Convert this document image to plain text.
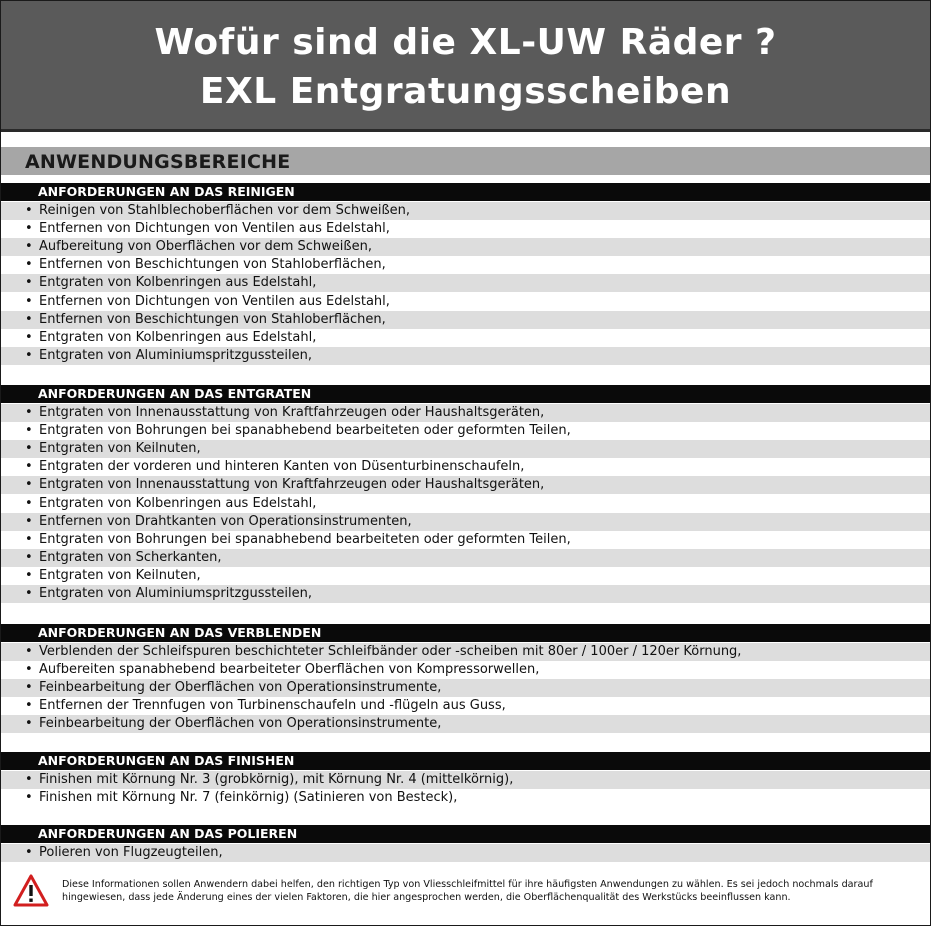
Wofür sind die XL-UW Räder ?
EXL Entgratungsscheiben
ANWENDUNGSBEREICHE
ANFORDERUNGEN AN DAS REINIGEN
• Reinigen von Stahlblechoberflächen vor dem Schweißen,
• Entfernen von Dichtungen von Ventilen aus Edelstahl,
• Aufbereitung von Oberflächen vor dem Schweißen,
• Entfernen von Beschichtungen von Stahloberflächen,
• Entgraten von Kolbenringen aus Edelstahl,
• Entfernen von Dichtungen von Ventilen aus Edelstahl,
• Entfernen von Beschichtungen von Stahloberflächen,
• Entgraten von Kolbenringen aus Edelstahl,
• Entgraten von Aluminiumspritzgussteilen,
ANFORDERUNGEN AN DAS ENTGRATEN
• Entgraten von Innenausstattung von Kraftfahrzeugen oder Haushaltsgeräten,
• Entgraten von Bohrungen bei spanabhebend bearbeiteten oder geformten Teilen,
• Entgraten von Keilnuten,
• Entgraten der vorderen und hinteren Kanten von Düsenturbinenschaufeln,
• Entgraten von Innenausstattung von Kraftfahrzeugen oder Haushaltsgeräten,
• Entgraten von Kolbenringen aus Edelstahl,
• Entfernen von Drahtkanten von Operationsinstrumenten,
• Entgraten von Bohrungen bei spanabhebend bearbeiteten oder geformten Teilen,
• Entgraten von Scherkanten,
• Entgraten von Keilnuten,
• Entgraten von Aluminiumspritzgussteilen,
ANFORDERUNGEN AN DAS VERBLENDEN
• Verblenden der Schleifspuren beschichteter Schleifbänder oder -scheiben mit 80er / 100er / 120er Körnung,
• Aufbereiten spanabhebend bearbeiteter Oberflächen von Kompressorwellen,
• Feinbearbeitung der Oberflächen von Operationsinstrumente,
• Entfernen der Trennfugen von Turbinenschaufeln und -flügeln aus Guss,
• Feinbearbeitung der Oberflächen von Operationsinstrumente,
ANFORDERUNGEN AN DAS FINISHEN
• Finishen mit Körnung Nr. 3 (grobkörnig), mit Körnung Nr. 4 (mittelkörnig),
• Finishen mit Körnung Nr. 7 (feinkörnig) (Satinieren von Besteck),
ANFORDERUNGEN AN DAS POLIEREN
• Polieren von Flugzeugteilen,
Diese Informationen sollen Anwendern dabei helfen, den richtigen Typ von Vliesschleifmittel für ihre häufigsten Anwendungen zu wählen. Es sei jedoch nochmals darauf hingewiesen, dass jede Änderung eines der vielen Faktoren, die hier angesprochen werden, die Oberflächenqualität des Werkstücks beeinflussen kann.
